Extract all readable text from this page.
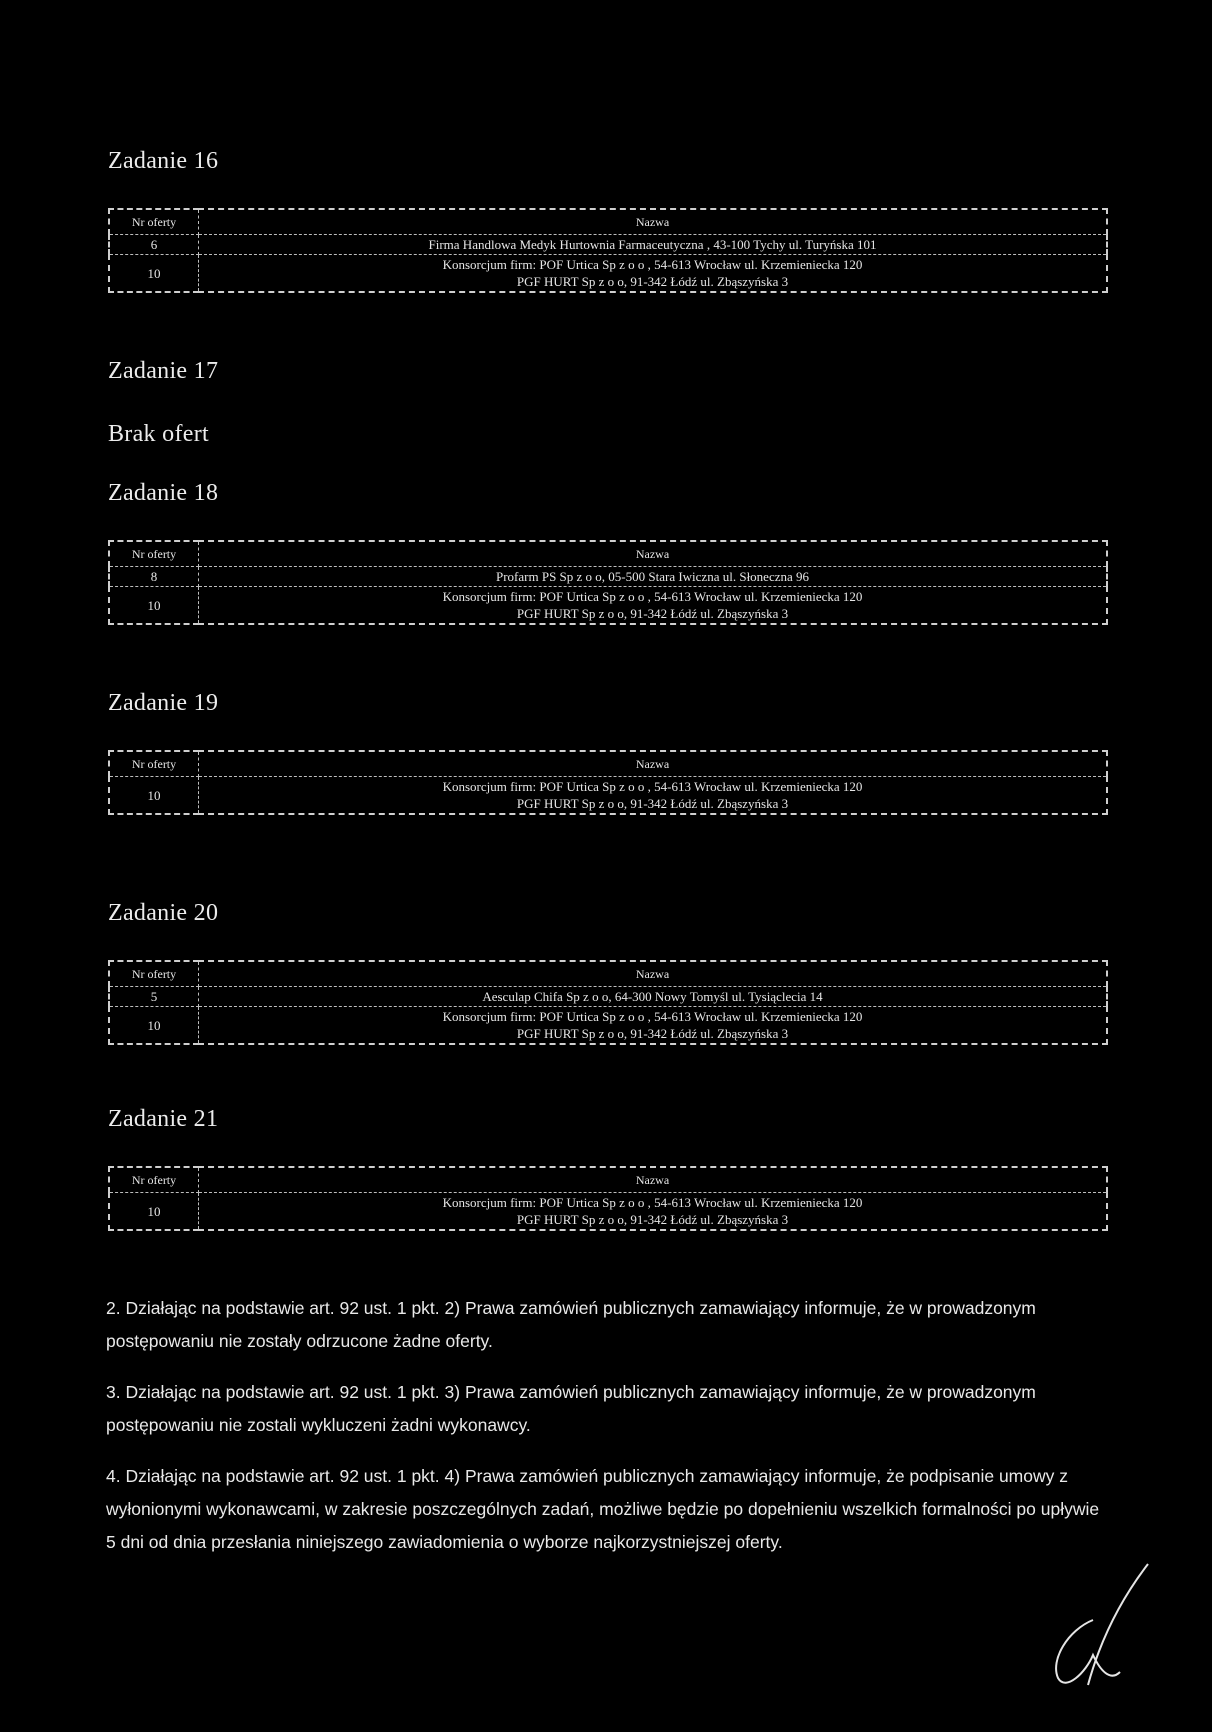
Zadanie 16
Nr oferty	Nazwa
6	Firma Handlowa Medyk Hurtownia Farmaceutyczna , 43-100 Tychy ul. Turyńska 101

10	Konsorcjum firm: POF Urtica Sp z o o , 54-613 Wrocław ul. Krzemieniecka 120
PGF HURT Sp z o o, 91-342 Łódź ul. Zbąszyńska 3
Zadanie 17
Brak ofert
Zadanie 18
Nr oferty	Nazwa
8	Profarm PS Sp z o o, 05-500 Stara Iwiczna ul. Słoneczna 96

10	Konsorcjum firm: POF Urtica Sp z o o , 54-613 Wrocław ul. Krzemieniecka 120
PGF HURT Sp z o o, 91-342 Łódź ul. Zbąszyńska 3
Zadanie 19
Nr oferty	Nazwa
10	Konsorcjum firm: POF Urtica Sp z o o , 54-613 Wrocław ul. Krzemieniecka 120
PGF HURT Sp z o o, 91-342 Łódź ul. Zbąszyńska 3
Zadanie 20
Nr oferty	Nazwa
5	Aesculap Chifa Sp z o o, 64-300 Nowy Tomyśl ul. Tysiąclecia 14

10	Konsorcjum firm: POF Urtica Sp z o o , 54-613 Wrocław ul. Krzemieniecka 120
PGF HURT Sp z o o, 91-342 Łódź ul. Zbąszyńska 3
Zadanie 21
Nr oferty	Nazwa
10	Konsorcjum firm: POF Urtica Sp z o o , 54-613 Wrocław ul. Krzemieniecka 120
PGF HURT Sp z o o, 91-342 Łódź ul. Zbąszyńska 3
2. Działając na podstawie art. 92 ust. 1 pkt. 2) Prawa zamówień publicznych zamawiający informuje, że w prowadzonym postępowaniu nie zostały odrzucone żadne oferty.
3. Działając na podstawie art. 92 ust. 1 pkt. 3) Prawa zamówień publicznych zamawiający informuje, że w prowadzonym postępowaniu nie zostali wykluczeni żadni wykonawcy.
4. Działając na podstawie art. 92 ust. 1 pkt. 4) Prawa zamówień publicznych zamawiający informuje, że podpisanie umowy z wyłonionymi wykonawcami, w zakresie poszczególnych zadań, możliwe będzie po dopełnieniu wszelkich formalności po upływie 5 dni od dnia przesłania niniejszego zawiadomienia o wyborze najkorzystniejszej oferty.
